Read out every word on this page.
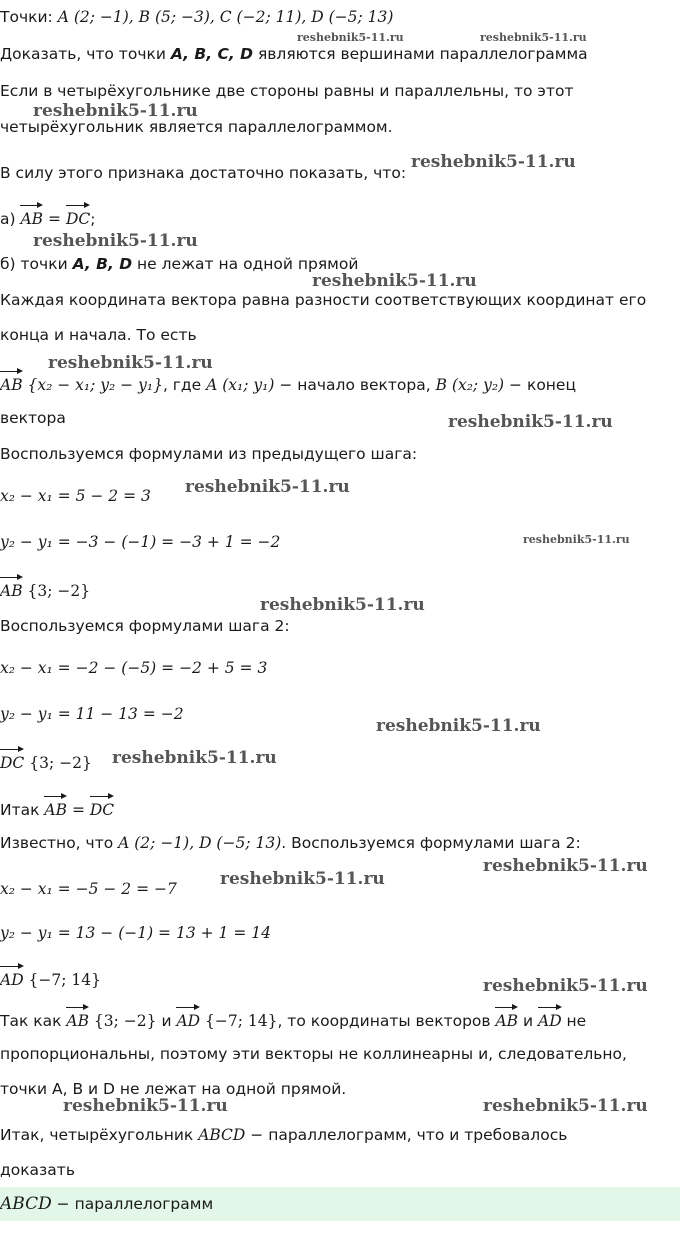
Точки: A (2; −1), B (5; −3), C (−2; 11), D (−5; 13)
Доказать, что точки A, B, C, D являются вершинами параллелограмма
Если в четырёхугольнике две стороны равны и параллельны, то этот
четырёхугольник является параллелограммом.
В силу этого признака достаточно показать, что:
а) AB = DC;
б) точки A, B, D не лежат на одной прямой
Каждая координата вектора равна разности соответствующих координат его
конца и начала. То есть
AB {x₂ − x₁; y₂ − y₁}, где A (x₁; y₁) − начало вектора, B (x₂; y₂) − конец
вектора
Воспользуемся формулами из предыдущего шага:
x₂ − x₁ = 5 − 2 = 3
y₂ − y₁ = −3 − (−1) = −3 + 1 = −2
AB {3; −2}
Воспользуемся формулами шага 2:
x₂ − x₁ = −2 − (−5) = −2 + 5 = 3
y₂ − y₁ = 11 − 13 = −2
DC {3; −2}
Итак AB = DC
Известно, что A (2; −1), D (−5; 13). Воспользуемся формулами шага 2:
x₂ − x₁ = −5 − 2 = −7
y₂ − y₁ = 13 − (−1) = 13 + 1 = 14
AD {−7; 14}
Так как AB {3; −2} и AD {−7; 14}, то координаты векторов AB и AD не
пропорциональны, поэтому эти векторы не коллинеарны и, следовательно,
точки A, B и D не лежат на одной прямой.
Итак, четырёхугольник ABCD − параллелограмм, что и требовалось
доказать
ABCD − параллелограмм
reshebnik5-11.ru	reshebnik5-11.ru
reshebnik5-11.ru
reshebnik5-11.ru
reshebnik5-11.ru
reshebnik5-11.ru
reshebnik5-11.ru
reshebnik5-11.ru
reshebnik5-11.ru
reshebnik5-11.ru
reshebnik5-11.ru
reshebnik5-11.ru
reshebnik5-11.ru
reshebnik5-11.ru
reshebnik5-11.ru
reshebnik5-11.ru
reshebnik5-11.ru	reshebnik5-11.ru
